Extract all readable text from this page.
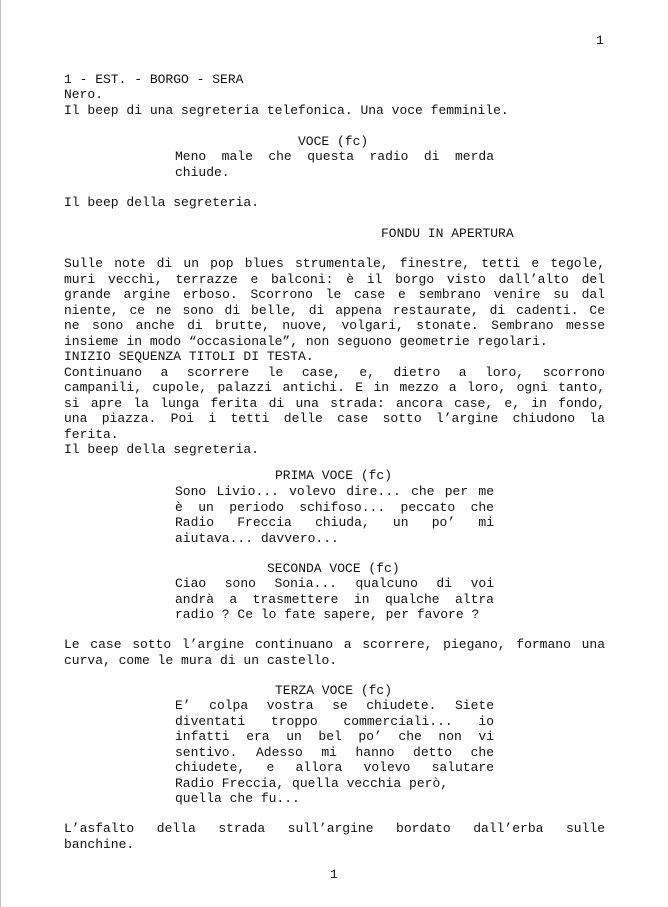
1
1 - EST. - BORGO - SERA
Nero.
Il beep di una segreteria telefonica. Una voce femminile.
VOCE (fc)
Meno male che questa radio di merda
chiude.
Il beep della segreteria.
FONDU IN APERTURA
Sulle note di un pop blues strumentale, finestre, tetti e tegole,
muri vecchi, terrazze e balconi: è il borgo visto dall’alto del
grande argine erboso. Scorrono le case e sembrano venire su dal
niente, ce ne sono di belle, di appena restaurate, di cadenti. Ce
ne sono anche di brutte, nuove, volgari, stonate. Sembrano messe
insieme in modo “occasionale”, non seguono geometrie regolari.
INIZIO SEQUENZA TITOLI DI TESTA.
Continuano a scorrere le case, e, dietro a loro, scorrono
campanili, cupole, palazzi antichi. E in mezzo a loro, ogni tanto,
si apre la lunga ferita di una strada: ancora case, e, in fondo,
una piazza. Poi i tetti delle case sotto l’argine chiudono la
ferita.
Il beep della segreteria.
PRIMA VOCE (fc)
Sono Livio... volevo dire... che per me
è un periodo schifoso... peccato che
Radio Freccia chiuda, un po’ mi
aiutava... davvero...
SECONDA VOCE (fc)
Ciao sono Sonia... qualcuno di voi
andrà a trasmettere in qualche altra
radio ? Ce lo fate sapere, per favore ?
Le case sotto l’argine continuano a scorrere, piegano, formano una
curva, come le mura di un castello.
TERZA VOCE (fc)
E’ colpa vostra se chiudete. Siete
diventati troppo commerciali... io
infatti era un bel po’ che non vi
sentivo. Adesso mi hanno detto che
chiudete, e allora volevo salutare
Radio Freccia, quella vecchia però,
quella che fu...
L’asfalto della strada sull’argine bordato dall’erba sulle
banchine.
1
